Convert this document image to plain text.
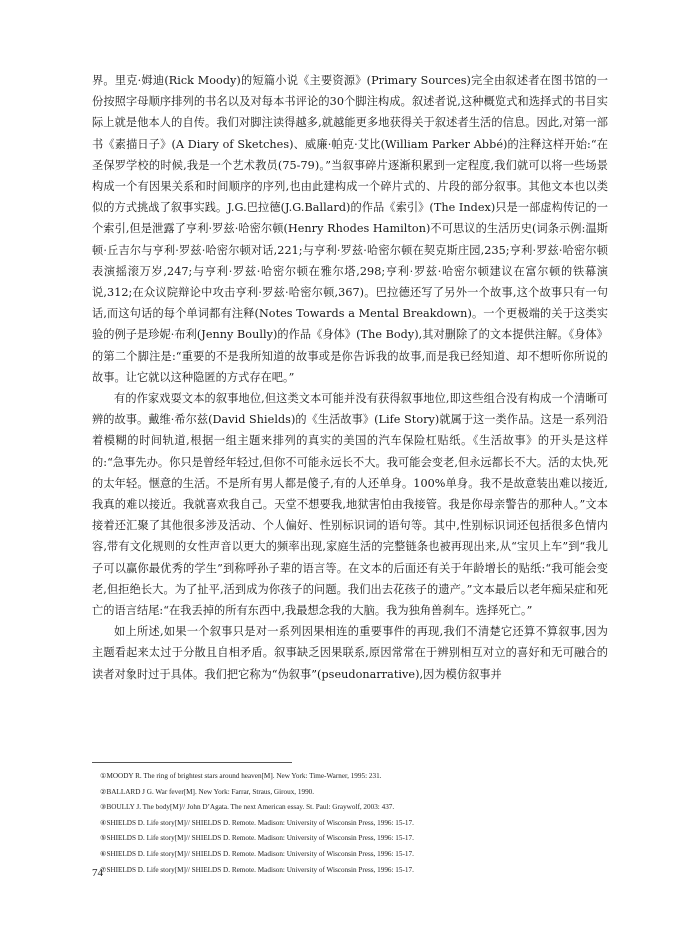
界。里克·姆迪(Rick Moody)的短篇小说《主要资源》(Primary Sources)完全由叙述者在图书馆的一份按照字母顺序排列的书名以及对每本书评论的30个脚注构成。叙述者说,这种概览式和选择式的书目实际上就是他本人的自传。我们对脚注读得越多,就越能更多地获得关于叙述者生活的信息。因此,对第一部书《素描日子》(A Diary of Sketches)、威廉·帕克·艾比(William Parker Abbé)的注释这样开始:“在圣保罗学校的时候,我是一个艺术教员(75-79)。”当叙事碎片逐渐积累到一定程度,我们就可以将一些场景构成一个有因果关系和时间顺序的序列,也由此建构成一个碎片式的、片段的部分叙事。其他文本也以类似的方式挑战了叙事实践。J.G.巴拉德(J.G.Ballard)的作品《索引》(The Index)只是一部虚构传记的一个索引,但是泄露了亨利·罗兹·哈密尔顿(Henry Rhodes Hamilton)不可思议的生活历史(词条示例:温斯顿·丘吉尔与亨利·罗兹·哈密尔顿对话,221;与亨利·罗兹·哈密尔顿在契克斯庄园,235;亨利·罗兹·哈密尔顿表演摇滚万岁,247;与亨利·罗兹·哈密尔顿在雅尔塔,298;亨利·罗兹·哈密尔顿建议在富尔顿的铁幕演说,312;在众议院辩论中攻击亨利·罗兹·哈密尔顿,367)。巴拉德还写了另外一个故事,这个故事只有一句话,而这句话的每个单词都有注释(Notes Towards a Mental Breakdown)。一个更极端的关于这类实验的例子是珍妮·布利(Jenny Boully)的作品《身体》(The Body),其对删除了的文本提供注解。《身体》的第二个脚注是:“重要的不是我所知道的故事或是你告诉我的故事,而是我已经知道、却不想听你所说的故事。让它就以这种隐匿的方式存在吧。”

有的作家戏耍文本的叙事地位,但这类文本可能并没有获得叙事地位,即这些组合没有构成一个清晰可辨的故事。戴维·希尔兹(David Shields)的《生活故事》(Life Story)就属于这一类作品。这是一系列沿着模糊的时间轨道,根据一组主题来排列的真实的美国的汽车保险杠贴纸。《生活故事》的开头是这样的:“急事先办。你只是曾经年轻过,但你不可能永远长不大。我可能会变老,但永远都长不大。活的太快,死的太年轻。惬意的生活。不是所有男人都是傻子,有的人还单身。100%单身。我不是故意装出难以接近,我真的难以接近。我就喜欢我自己。天堂不想要我,地狱害怕由我接管。我是你母亲警告的那种人。”文本接着还汇聚了其他很多涉及活动、个人偏好、性别标识词的语句等。其中,性别标识词还包括很多色情内容,带有文化规则的女性声音以更大的频率出现,家庭生活的完整链条也被再现出来,从“宝贝上车”到“我儿子可以赢你最优秀的学生”到称呼孙子辈的语言等。在文本的后面还有关于年龄增长的贴纸:“我可能会变老,但拒绝长大。为了扯平,活到成为你孩子的问题。我们出去花孩子的遗产。”文本最后以老年痴呆症和死亡的语言结尾:“在我丢掉的所有东西中,我最想念我的大脑。我为独角兽刹车。选择死亡。”

如上所述,如果一个叙事只是对一系列因果相连的重要事件的再现,我们不清楚它还算不算叙事,因为主题看起来太过于分散且自相矛盾。叙事缺乏因果联系,原因常常在于辨别相互对立的喜好和无可融合的读者对象时过于具体。我们把它称为“伪叙事”(pseudonarrative),因为模仿叙事并

①MOODY R. The ring of brightest stars around heaven[M]. New York: Time-Warner, 1995: 231.
②BALLARD J G. War fever[M]. New York: Farrar, Straus, Giroux, 1990.
③BOULLY J. The body[M]// John D’Agata. The next American essay. St. Paul: Graywolf, 2003: 437.
④SHIELDS D. Life story[M]// SHIELDS D. Remote. Madison: University of Wisconsin Press, 1996: 15-17.
⑤SHIELDS D. Life story[M]// SHIELDS D. Remote. Madison: University of Wisconsin Press, 1996: 15-17.
⑥SHIELDS D. Life story[M]// SHIELDS D. Remote. Madison: University of Wisconsin Press, 1996: 15-17.
⑦SHIELDS D. Life story[M]// SHIELDS D. Remote. Madison: University of Wisconsin Press, 1996: 15-17.
74
